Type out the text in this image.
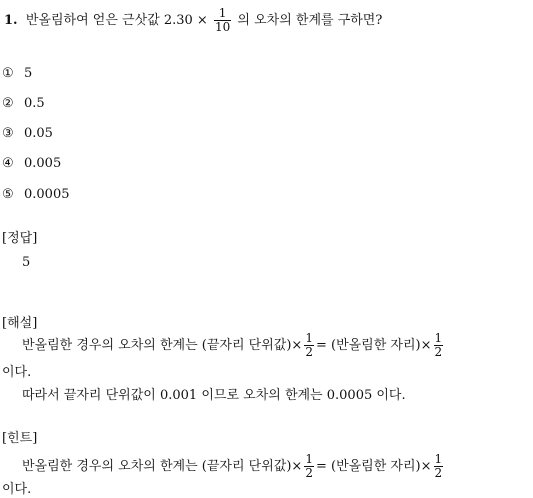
1. 반올림하여 얻은 근삿값 $2.30 \times \frac{1}{10}$ 의 오차의 한계를 구하면?
① 5
② 0.5
③ 0.05
④ 0.005
⑤ 0.0005
[정답]
5
[해설]
반올림한 경우의 오차의 한계는 (끝자리 단위값)× $\frac{1}{2}$ = (반올림한 자리)× $\frac{1}{2}$
이다.
따라서 끝자리 단위값이 0.001 이므로 오차의 한계는 0.0005 이다.
[힌트]
반올림한 경우의 오차의 한계는 (끝자리 단위값)× $\frac{1}{2}$ = (반올림한 자리)× $\frac{1}{2}$
이다.
